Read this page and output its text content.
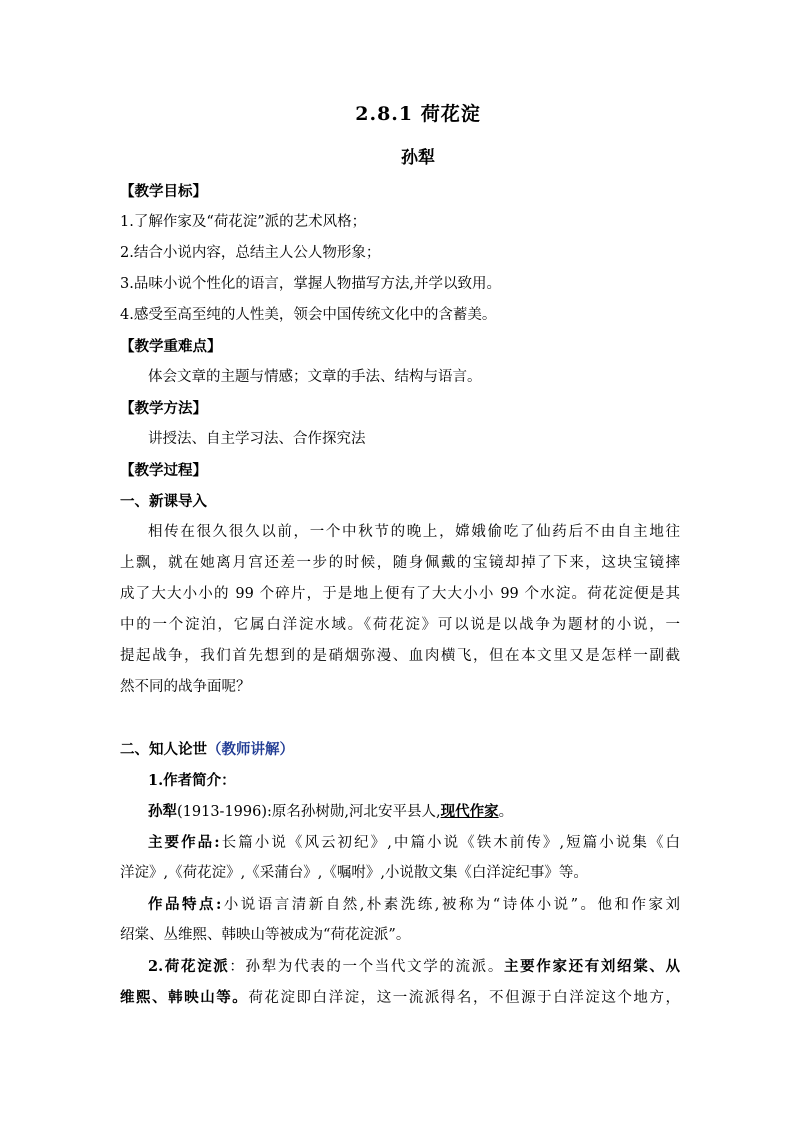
2.8.1 荷花淀
孙犁
【教学目标】
1.了解作家及“荷花淀”派的艺术风格；
2.结合小说内容，总结主人公人物形象；
3.品味小说个性化的语言，掌握人物描写方法,并学以致用。
4.感受至高至纯的人性美，领会中国传统文化中的含蓄美。
【教学重难点】
体会文章的主题与情感；文章的手法、结构与语言。
【教学方法】
讲授法、自主学习法、合作探究法
【教学过程】
一、新课导入
相传在很久很久以前，一个中秋节的晚上，嫦娥偷吃了仙药后不由自主地往
上飘，就在她离月宫还差一步的时候，随身佩戴的宝镜却掉了下来，这块宝镜摔
成了大大小小的 99 个碎片，于是地上便有了大大小小 99 个水淀。荷花淀便是其
中的一个淀泊，它属白洋淀水域。《荷花淀》可以说是以战争为题材的小说，一
提起战争，我们首先想到的是硝烟弥漫、血肉横飞，但在本文里又是怎样一副截
然不同的战争面呢？
二、知人论世（教师讲解）
1.作者简介：
孙犁(1913-1996):原名孙树勋,河北安平县人,现代作家。
主要作品:长篇小说《风云初纪》,中篇小说《铁木前传》,短篇小说集《白
洋淀》,《荷花淀》,《采蒲台》,《嘱咐》,小说散文集《白洋淀纪事》等。
作品特点:小说语言清新自然,朴素洗练,被称为“诗体小说”。他和作家刘
绍棠、丛维熙、韩映山等被成为“荷花淀派”。
2.荷花淀派：孙犁为代表的一个当代文学的流派。主要作家还有刘绍棠、从
维熙、韩映山等。荷花淀即白洋淀，这一流派得名，不但源于白洋淀这个地方，
